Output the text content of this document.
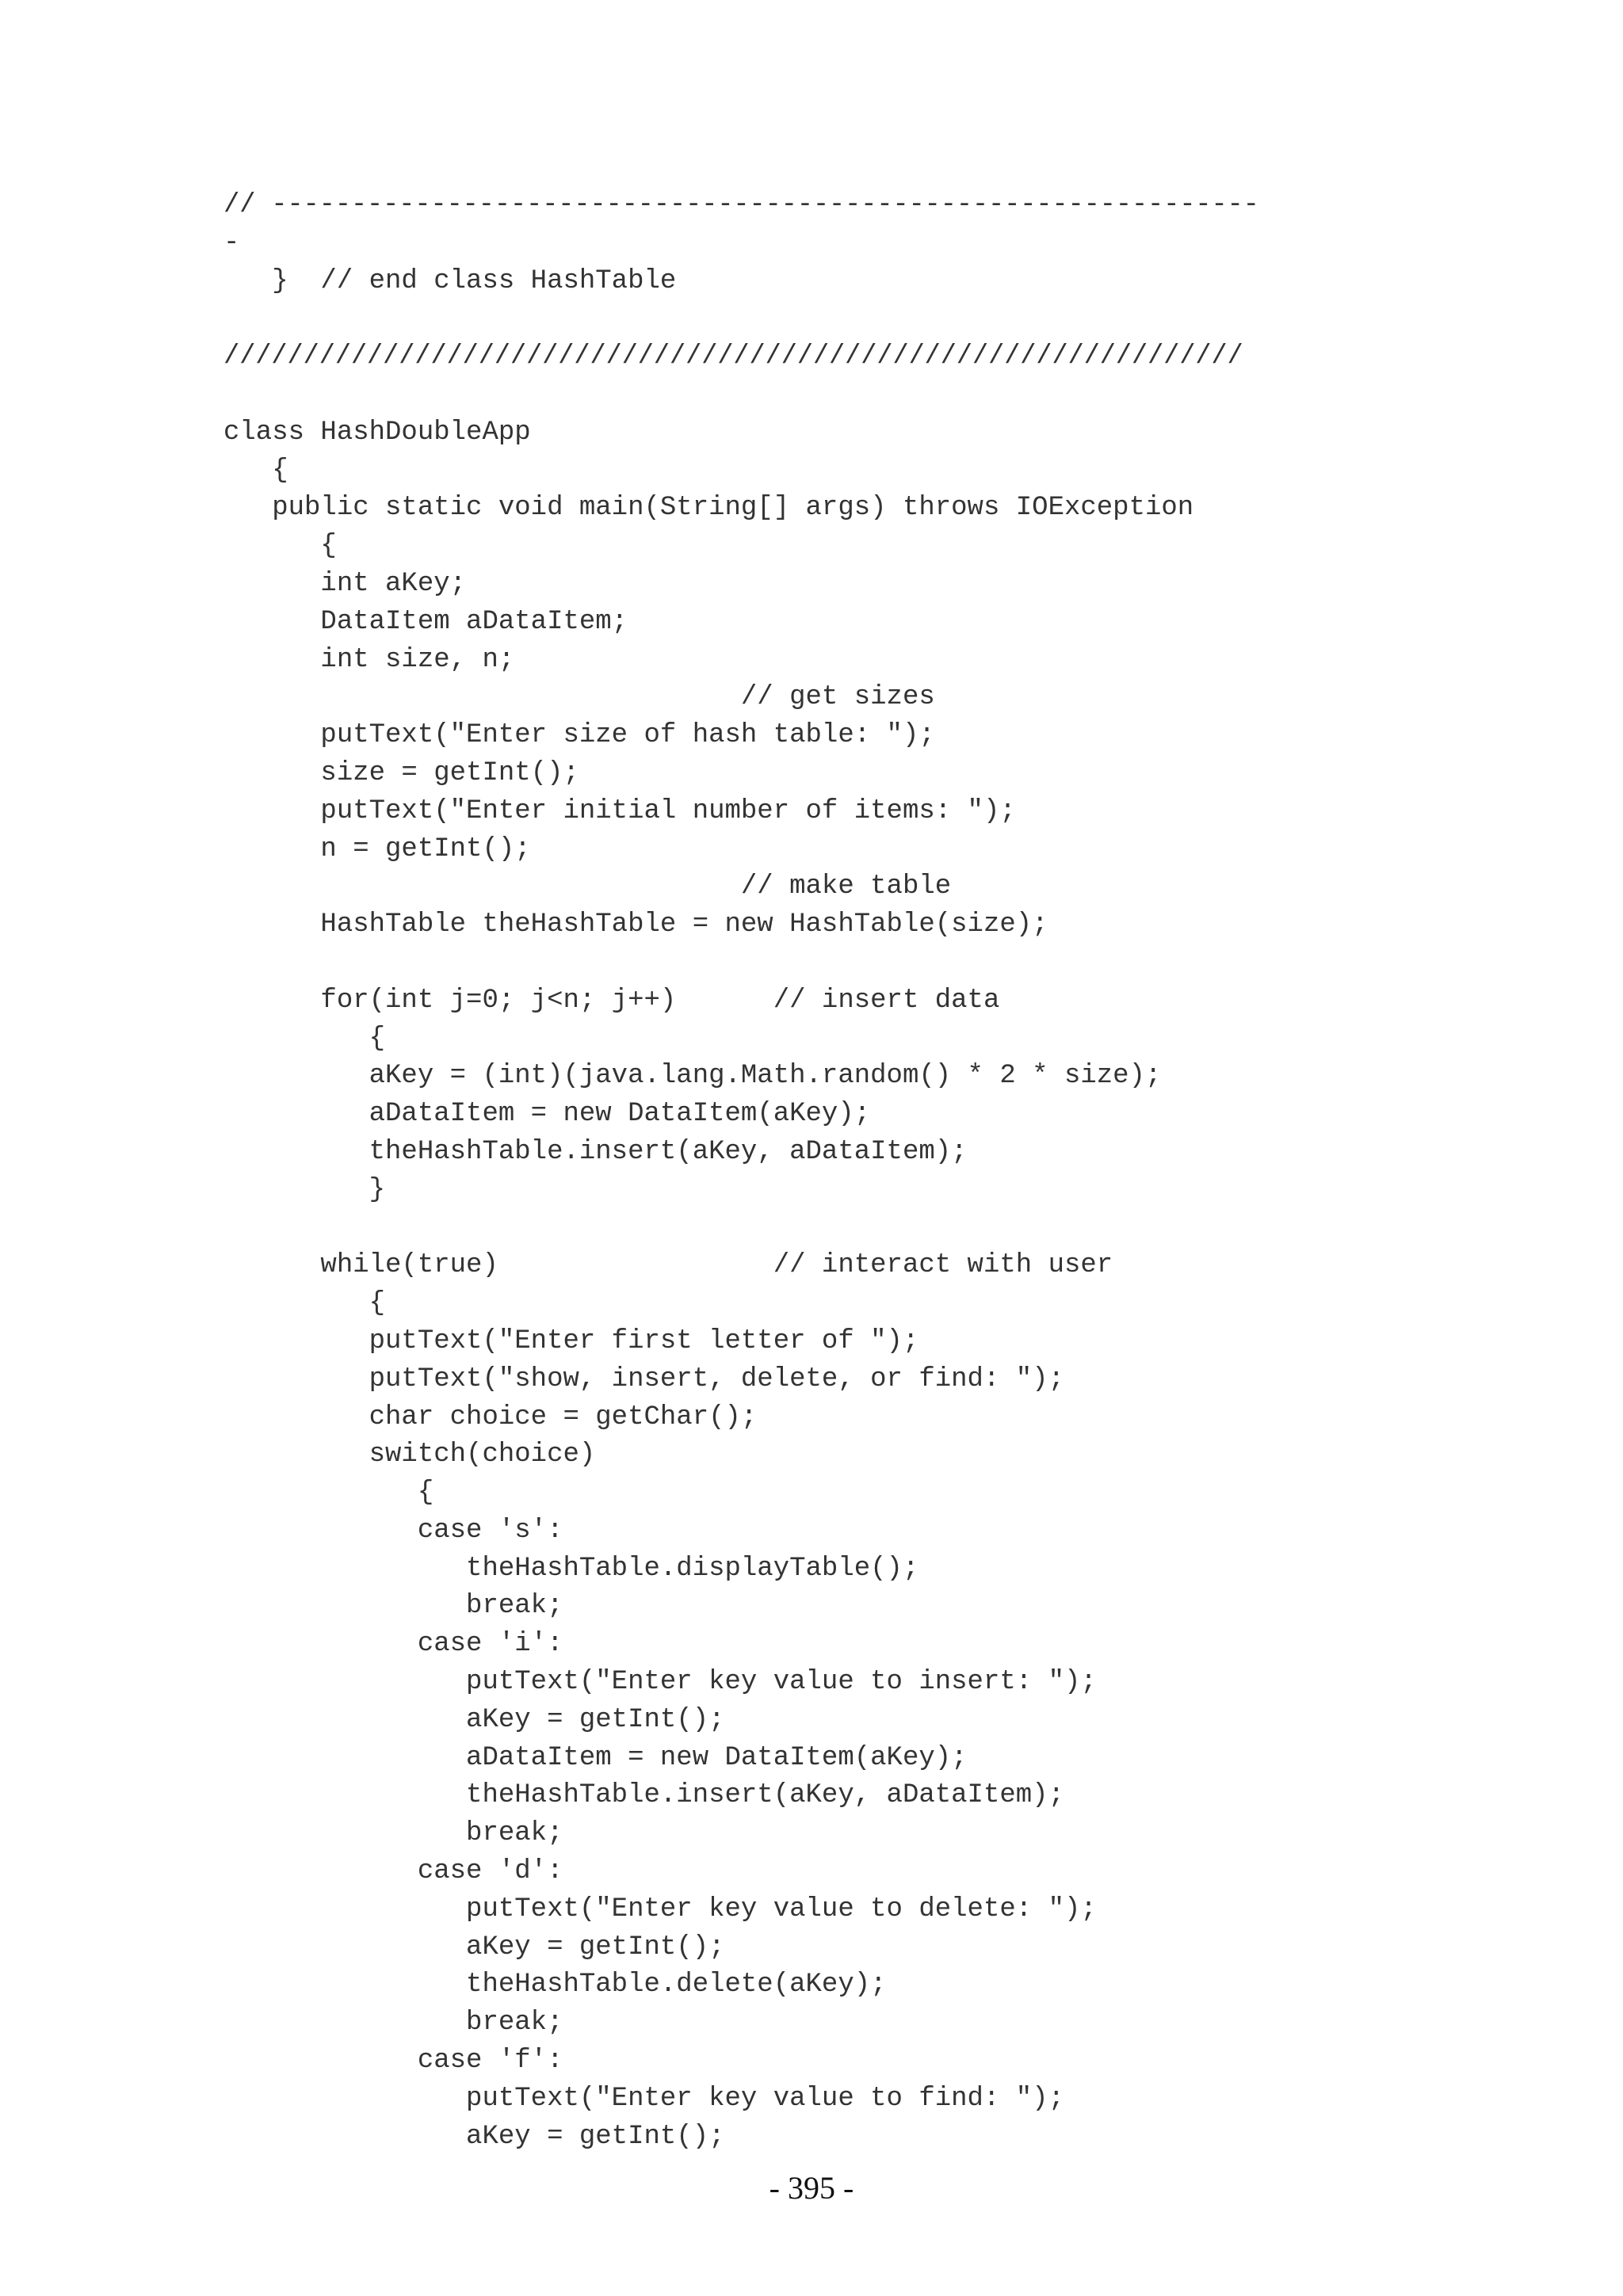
// --------------------------------------------------------------
-
}  // end class HashTable
////////////////////////////////////////////////////////////////
class HashDoubleApp
{
public static void main(String[] args) throws IOException
{
int aKey;
DataItem aDataItem;
int size, n;
// get sizes
putText("Enter size of hash table: ");
size = getInt();
putText("Enter initial number of items: ");
n = getInt();
// make table
HashTable theHashTable = new HashTable(size);
for(int j=0; j<n; j++)      // insert data
{
aKey = (int)(java.lang.Math.random() * 2 * size);
aDataItem = new DataItem(aKey);
theHashTable.insert(aKey, aDataItem);
}
while(true)                 // interact with user
{
putText("Enter first letter of ");
putText("show, insert, delete, or find: ");
char choice = getChar();
switch(choice)
{
case 's':
theHashTable.displayTable();
break;
case 'i':
putText("Enter key value to insert: ");
aKey = getInt();
aDataItem = new DataItem(aKey);
theHashTable.insert(aKey, aDataItem);
break;
case 'd':
putText("Enter key value to delete: ");
aKey = getInt();
theHashTable.delete(aKey);
break;
case 'f':
putText("Enter key value to find: ");
aKey = getInt();
- 395 -
